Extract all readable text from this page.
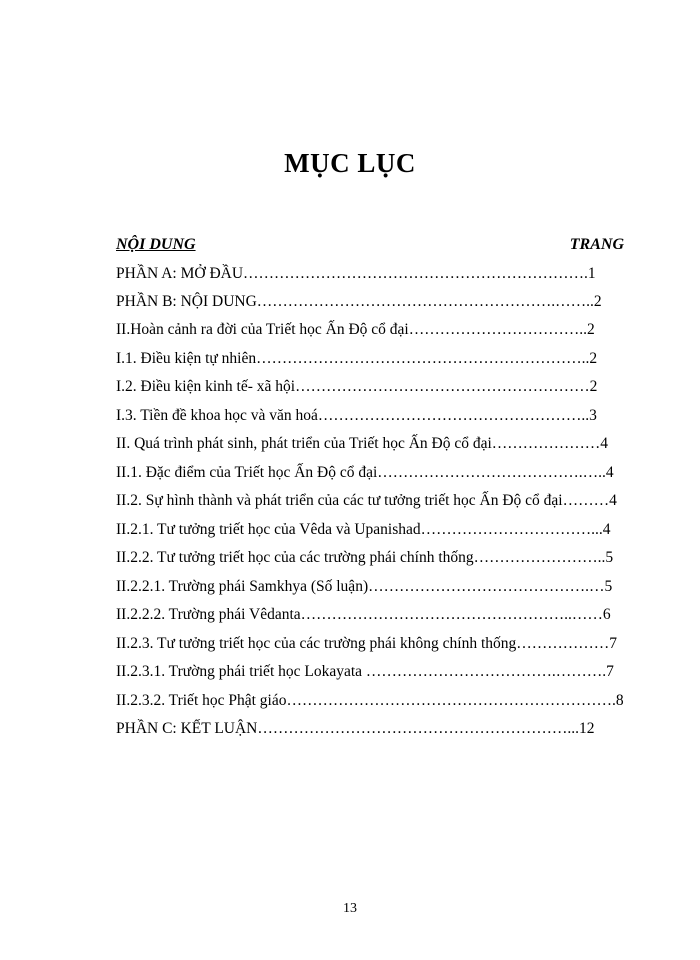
MỤC LỤC
NỘI DUNG	TRANG
PHẦN A: MỞ ĐẦU………………………………………………………….1
PHẦN B: NỘI DUNG………………………………………………….……..2
II.Hoàn cảnh ra đời của Triết học Ấn Độ cổ đại……………………………..2
I.1. Điều kiện tự nhiên………………………………………………………..2
I.2. Điều kiện kinh tế- xã hội…………………………………………………2
I.3. Tiền đề khoa học và văn hoá……………………………………………..3
II. Quá trình phát sinh, phát triển của Triết học Ấn Độ cổ đại…………………4
II.1. Đặc điểm của Triết học Ấn Độ cổ đại………………………………….…..4
II.2. Sự hình thành và phát triển của các tư tưởng triết học Ấn Độ cổ đại………4
II.2.1. Tư tưởng triết học của Vêda và Upanishad……………………………...4
II.2.2. Tư tưởng triết học của các trường phái chính thống……………………..5
II.2.2.1. Trường phái Samkhya (Số luận)…………………………………….…5
II.2.2.2. Trường phái Vêdanta……………………………………………..……6
II.2.3. Tư tưởng triết học của các trường phái không chính thống………………7
II.2.3.1. Trường phái triết học Lokayata ……………………………….……….7
II.2.3.2. Triết học Phật giáo……………………………………………………….8
PHẦN C: KẾT LUẬN……………………………………………………...12
13
